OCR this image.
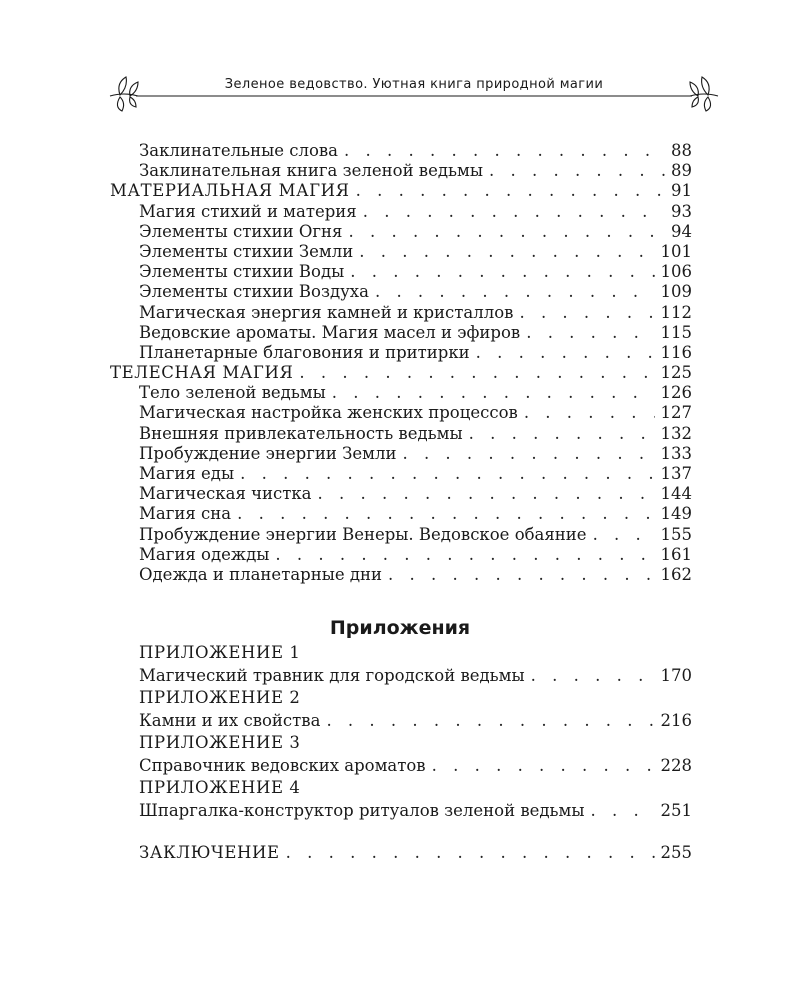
Зеленое ведовство. Уютная книга природной магии
Заклинательные слова . . .	88
Заклинательная книга зеленой ведьмы . . .	89
МАТЕРИАЛЬНАЯ МАГИЯ . . .	91
Магия стихий и материя . . .	93
Элементы стихии Огня . . .	94
Элементы стихии Земли . . .	101
Элементы стихии Воды . . .	106
Элементы стихии Воздуха . . .	109
Магическая энергия камней и кристаллов . . .	112
Ведовские ароматы. Магия масел и эфиров . . .	115
Планетарные благовония и притирки . . .	116
ТЕЛЕСНАЯ МАГИЯ . . .	125
Тело зеленой ведьмы . . .	126
Магическая настройка женских процессов . . .	127
Внешняя привлекательность ведьмы . . .	132
Пробуждение энергии Земли . . .	133
Магия еды . . .	137
Магическая чистка . . .	144
Магия сна . . .	149
Пробуждение энергии Венеры. Ведовское обаяние . . .	155
Магия одежды . . .	161
Одежда и планетарные дни . . .	162
Приложения
ПРИЛОЖЕНИЕ 1
Магический травник для городской ведьмы . . .	170
ПРИЛОЖЕНИЕ 2
Камни и их свойства . . .	216
ПРИЛОЖЕНИЕ 3
Справочник ведовских ароматов . . .	228
ПРИЛОЖЕНИЕ 4
Шпаргалка-конструктор ритуалов зеленой ведьмы . . .	251
ЗАКЛЮЧЕНИЕ . . .	255
